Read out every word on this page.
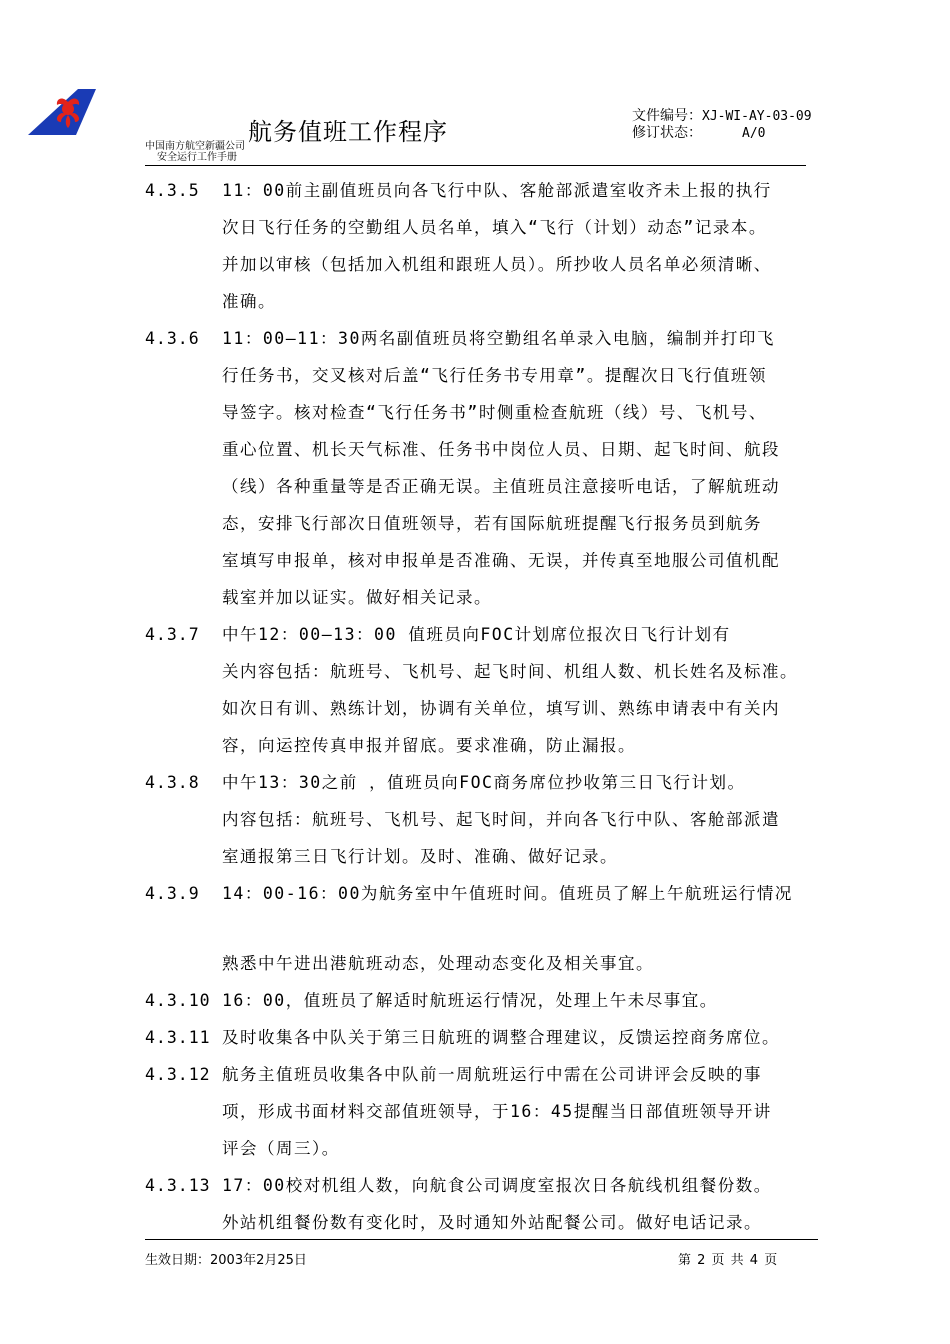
航务值班工作程序
中国南方航空新疆公司
安全运行工作手册
文件编号：XJ-WI-AY-03-09
修订状态：	A/0
4.3.5	11：00前主副值班员向各飞行中队、客舱部派遣室收齐未上报的执行
次日飞行任务的空勤组人员名单，填入“飞行（计划）动态”记录本。
并加以审核（包括加入机组和跟班人员）。所抄收人员名单必须清晰、
准确。
4.3.6	11：00—11：30两名副值班员将空勤组名单录入电脑，编制并打印飞
行任务书，交叉核对后盖“飞行任务书专用章”。提醒次日飞行值班领
导签字。核对检查“飞行任务书”时侧重检查航班（线）号、飞机号、
重心位置、机长天气标准、任务书中岗位人员、日期、起飞时间、航段
（线）各种重量等是否正确无误。主值班员注意接听电话，了解航班动
态，安排飞行部次日值班领导，若有国际航班提醒飞行报务员到航务
室填写申报单，核对申报单是否准确、无误，并传真至地服公司值机配
载室并加以证实。做好相关记录。
4.3.7	中午12：00—13：00 值班员向FOC计划席位报次日飞行计划有
关内容包括：航班号、飞机号、起飞时间、机组人数、机长姓名及标准。
如次日有训、熟练计划，协调有关单位，填写训、熟练申请表中有关内
容，向运控传真申报并留底。要求准确，防止漏报。
4.3.8	中午13：30之前 ，值班员向FOC商务席位抄收第三日飞行计划。
内容包括：航班号、飞机号、起飞时间，并向各飞行中队、客舱部派遣
室通报第三日飞行计划。及时、准确、做好记录。
4.3.9	14：00-16：00为航务室中午值班时间。值班员了解上午航班运行情况
熟悉中午进出港航班动态，处理动态变化及相关事宜。
4.3.10 16：00，值班员了解适时航班运行情况，处理上午未尽事宜。
4.3.11 及时收集各中队关于第三日航班的调整合理建议，反馈运控商务席位。
4.3.12 航务主值班员收集各中队前一周航班运行中需在公司讲评会反映的事
项，形成书面材料交部值班领导，于16：45提醒当日部值班领导开讲
评会（周三）。
4.3.13 17：00校对机组人数，向航食公司调度室报次日各航线机组餐份数。
外站机组餐份数有变化时，及时通知外站配餐公司。做好电话记录。
生效日期：2003年2月25日	第 2 页 共 4 页
